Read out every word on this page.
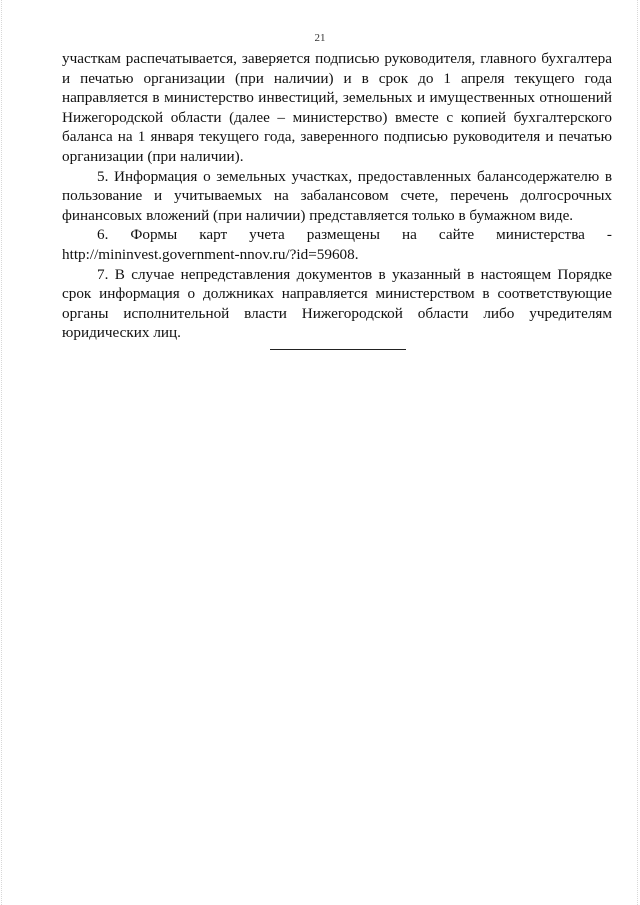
21

участкам распечатывается, заверяется подписью руководителя, главного бухгалтера и печатью организации (при наличии) и в срок до 1 апреля текущего года направляется в министерство инвестиций, земельных и имущественных отношений Нижегородской области (далее – министерство) вместе с копией бухгалтерского баланса на 1 января текущего года, заверенного подписью руководителя и печатью организации (при наличии).

5. Информация о земельных участках, предоставленных балансодержателю в пользование и учитываемых на забалансовом счете, перечень долгосрочных финансовых вложений (при наличии) представляется только в бумажном виде.

6. Формы карт учета размещены на сайте министерства -

http://mininvest.government-nnov.ru/?id=59608.

7. В случае непредставления документов в указанный в настоящем Порядке срок информация о должниках направляется министерством в соответствующие органы исполнительной власти Нижегородской области либо учредителям юридических лиц.
